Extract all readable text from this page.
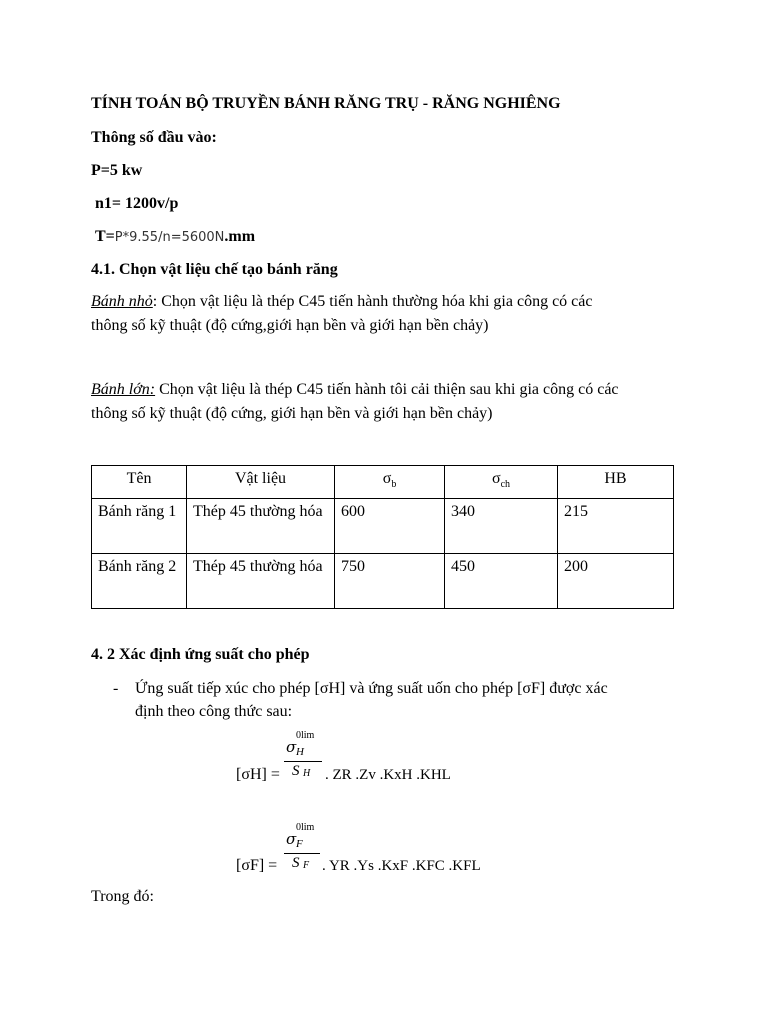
TÍNH TOÁN BỘ TRUYỀN BÁNH RĂNG TRỤ - RĂNG NGHIÊNG
Thông số đầu vào:
P=5 kw
n1= 1200v/p
T=P*9.55/n=5600N.mm
4.1. Chọn vật liệu chế tạo bánh răng
Bánh nhỏ: Chọn vật liệu là thép C45 tiến hành thường hóa khi gia công có các
thông số kỹ thuật (độ cứng,giới hạn bền và giới hạn bền chảy)
Bánh lớn: Chọn vật liệu là thép C45 tiến hành tôi cải thiện sau khi gia công có các
thông số kỹ thuật (độ cứng, giới hạn bền và giới hạn bền chảy)
Tên	Vật liệu	$\sigma_b$	$\sigma_{ch}$	HB
Bánh răng 1	Thép 45 thường hóa	600	340	215
Bánh răng 2	Thép 45 thường hóa	750	450	200
4. 2 Xác định ứng suất cho phép
- Ứng suất tiếp xúc cho phép [σH] và ứng suất uốn cho phép [σF] được xác
định theo công thức sau:
[σH] =
σ
0lim
H
S H . ZR .Zv .KxH .KHL
[σF] =
σ
0lim
F
S F . YR .Ys .KxF .KFC .KFL
Trong đó:
